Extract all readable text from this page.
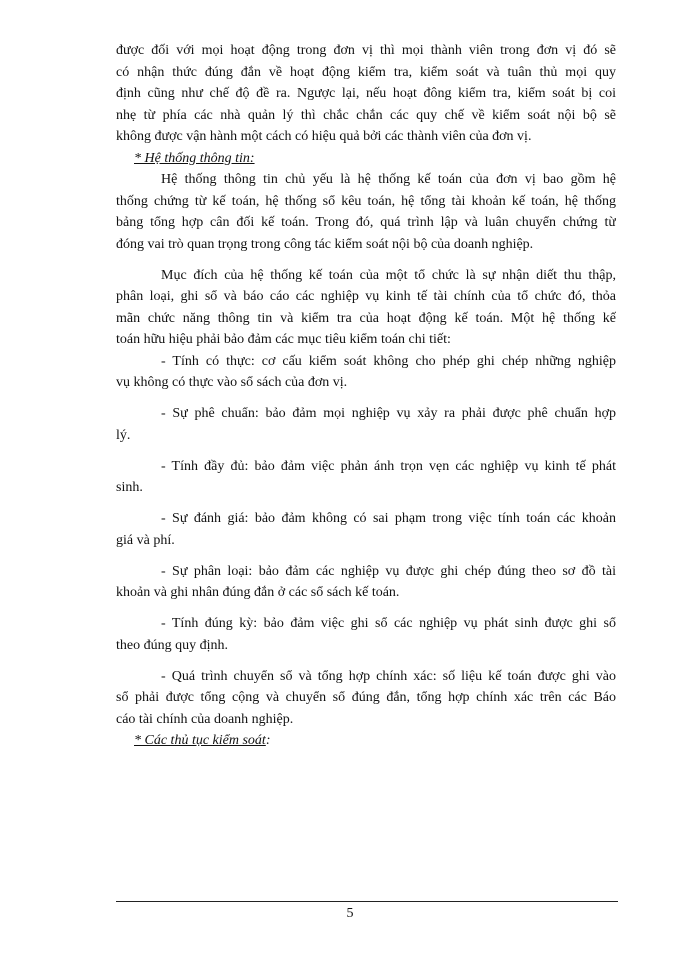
được đối với mọi hoạt động trong đơn vị thì mọi thành viên trong đơn vị đó sẽ
có nhận thức đúng đắn về hoạt động kiểm tra, kiểm soát và tuân thủ mọi quy
định cũng như chế độ đề ra. Ngược lại, nếu hoạt đông kiểm tra, kiểm soát bị coi
nhẹ từ phía các nhà quản lý thì chắc chắn các quy chế về kiểm soát nội bộ sẽ
không được vận hành một cách có hiệu quả bởi các thành viên của đơn vị.
* Hệ thống thông tin:
Hệ thống thông tin chủ yếu là hệ thống kế toán của đơn vị bao gồm hệ
thống chứng từ kế toán, hệ thống sổ kêu toán, hệ tổng tài khoản kế toán, hệ thống
bảng tổng hợp cân đối kế toán. Trong đó, quá trình lập và luân chuyển chứng từ
đóng vai trò quan trọng trong công tác kiểm soát nội bộ của doanh nghiệp.
Mục đích của hệ thống kế toán của một tổ chức là sự nhận diết thu thập,
phân loại, ghi sổ và báo cáo các nghiệp vụ kinh tế tài chính của tổ chức đó, thỏa
mãn chức năng thông tin và kiểm tra của hoạt động kế toán. Một hệ thống kế
toán hữu hiệu phải bảo đảm các mục tiêu kiểm toán chi tiết:
- Tính có thực: cơ cấu kiểm soát không cho phép ghi chép những nghiệp
vụ không có thực vào sổ sách của đơn vị.
- Sự phê chuẩn: bảo đảm mọi nghiệp vụ xảy ra phải được phê chuẩn hợp
lý.
- Tính đầy đủ: bảo đảm việc phản ánh trọn vẹn các nghiệp vụ kinh tế phát
sinh.
- Sự đánh giá: bảo đảm không có sai phạm trong việc tính toán các khoản
giá và phí.
- Sự phân loại: bảo đảm các nghiệp vụ được ghi chép đúng theo sơ đồ tài
khoản và ghi nhân đúng đắn ở các sổ sách kế toán.
- Tính đúng kỳ: bảo đảm việc ghi sổ các nghiệp vụ phát sinh được ghi sổ
theo đúng quy định.
- Quá trình chuyển sổ và tổng hợp chính xác: số liệu kế toán được ghi vào
sổ phải được tổng cộng và chuyển sổ đúng đắn, tổng hợp chính xác trên các Báo
cáo tài chính của doanh nghiệp.
* Các thủ tục kiểm soát:
5
